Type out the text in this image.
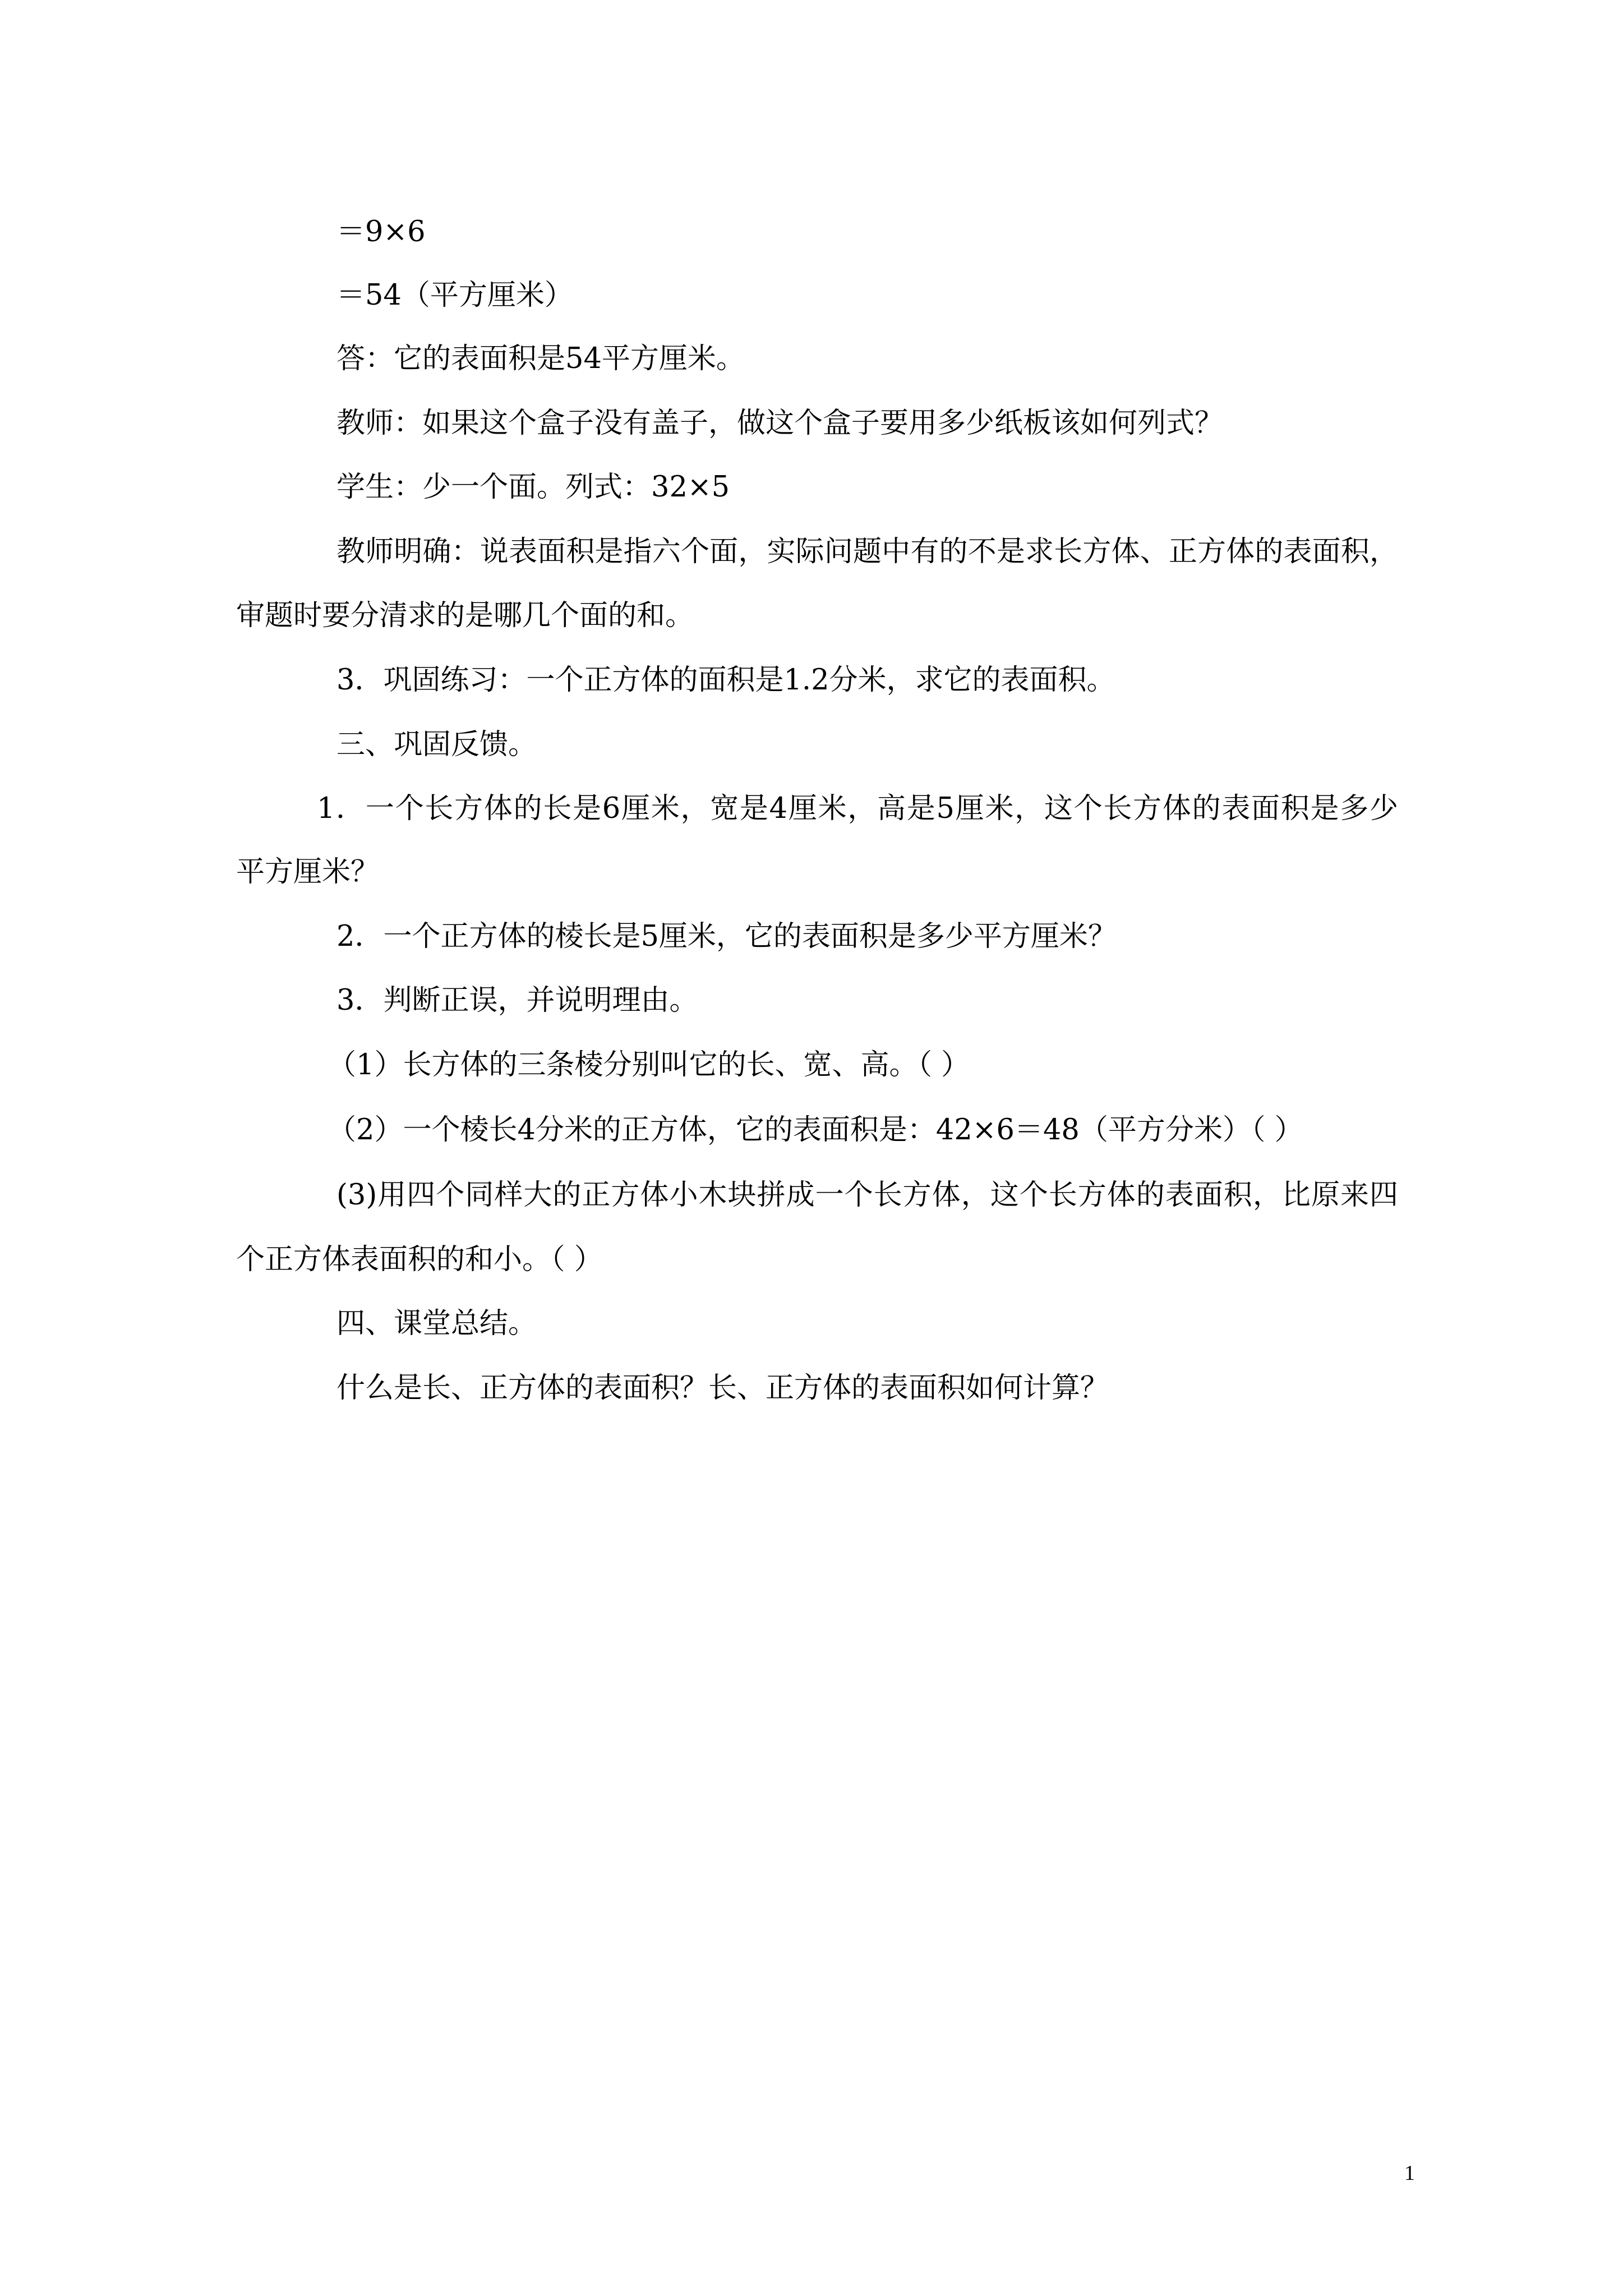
＝9×6
＝54（平方厘米）
答：它的表面积是54平方厘米。
教师：如果这个盒子没有盖子，做这个盒子要用多少纸板该如何列式？
学生：少一个面。列式：32×5
教师明确：说表面积是指六个面，实际问题中有的不是求长方体、正方体的表面积，
审题时要分清求的是哪几个面的和。
3．巩固练习：一个正方体的面积是1.2分米，求它的表面积。
三、巩固反馈。
1．一个长方体的长是6厘米，宽是4厘米，高是5厘米，这个长方体的表面积是多少
平方厘米？
2．一个正方体的棱长是5厘米，它的表面积是多少平方厘米？
3．判断正误，并说明理由。
（1）长方体的三条棱分别叫它的长、宽、高。（ ）
（2）一个棱长4分米的正方体，它的表面积是：42×6＝48（平方分米）（ ）
(3)用四个同样大的正方体小木块拼成一个长方体，这个长方体的表面积，比原来四
个正方体表面积的和小。（ ）
四、课堂总结。
什么是长、正方体的表面积？长、正方体的表面积如何计算？
1
